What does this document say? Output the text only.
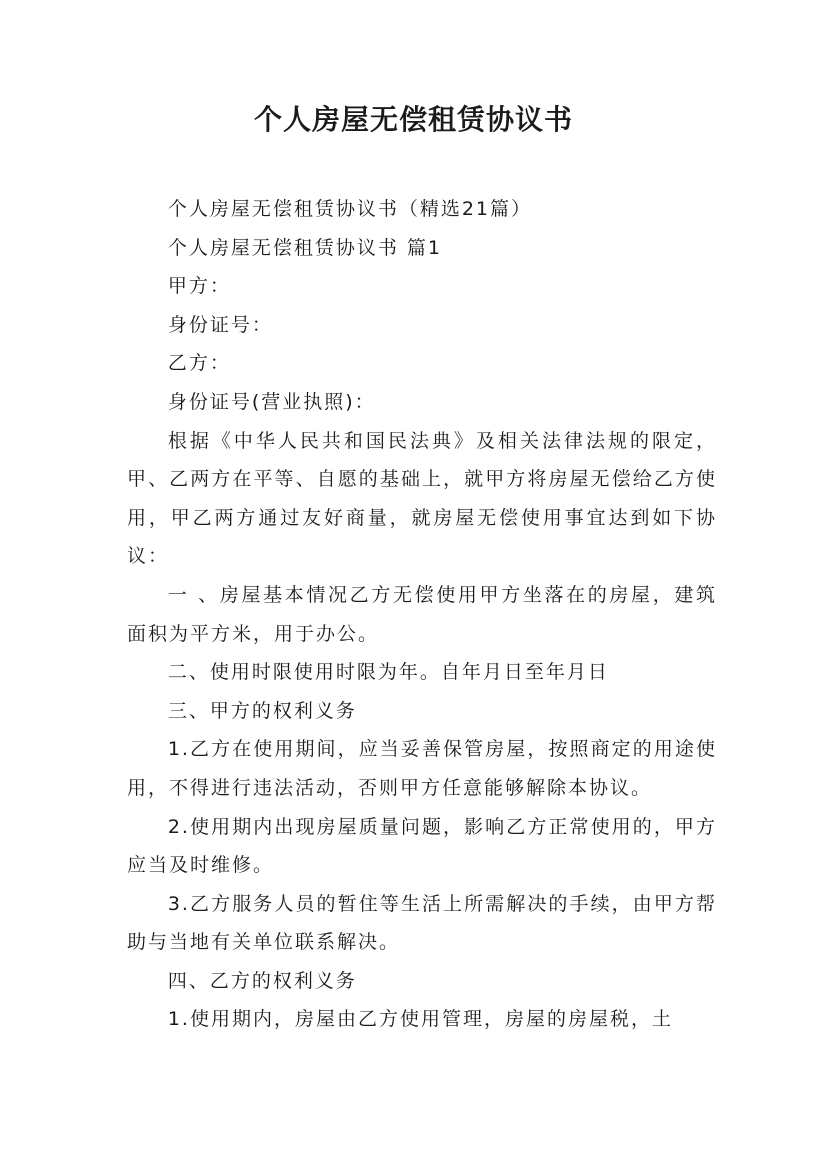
个人房屋无偿租赁协议书

个人房屋无偿租赁协议书（精选21篇）

个人房屋无偿租赁协议书 篇1

甲方：

身份证号：

乙方：

身份证号(营业执照)：

根据《中华人民共和国民法典》及相关法律法规的限定，甲、乙两方在平等、自愿的基础上，就甲方将房屋无偿给乙方使用，甲乙两方通过友好商量，就房屋无偿使用事宜达到如下协议：

一 、房屋基本情况乙方无偿使用甲方坐落在的房屋，建筑面积为平方米，用于办公。

二、使用时限使用时限为年。自年月日至年月日

三、甲方的权利义务

1.乙方在使用期间，应当妥善保管房屋，按照商定的用途使用，不得进行违法活动，否则甲方任意能够解除本协议。

2.使用期内出现房屋质量问题，影响乙方正常使用的，甲方应当及时维修。

3.乙方服务人员的暂住等生活上所需解决的手续，由甲方帮助与当地有关单位联系解决。

四、乙方的权利义务

1.使用期内，房屋由乙方使用管理，房屋的房屋税，土
